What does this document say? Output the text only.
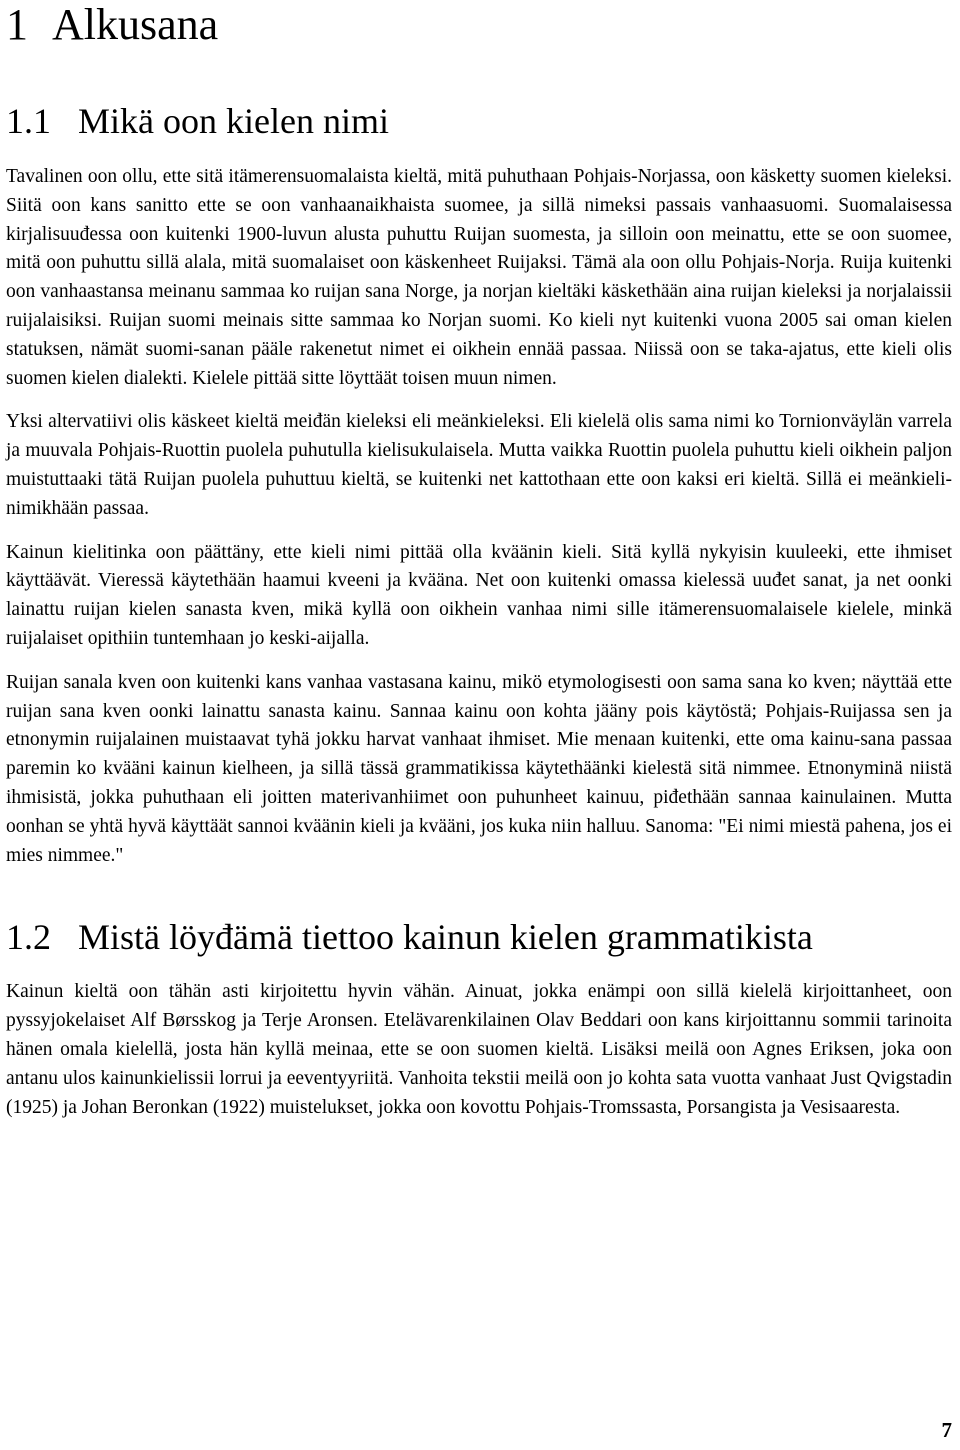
1 Alkusana
1.1 Mikä oon kielen nimi

Tavalinen oon ollu, ette sitä itämerensuomalaista kieltä, mitä puhuthaan Pohjais-Norjassa, oon käsketty suomen kieleksi. Siitä oon kans sanitto ette se oon vanhaanaikhaista suomee, ja sillä nimeksi passais vanhaasuomi. Suomalaisessa kirjalisuuđessa oon kuitenki 1900-luvun alusta puhuttu Ruijan suomesta, ja silloin oon meinattu, ette se oon suomee, mitä oon puhuttu sillä alala, mitä suomalaiset oon käskenheet Ruijaksi. Tämä ala oon ollu Pohjais-Norja. Ruija kuitenki oon vanhaastansa meinanu sammaa ko ruijan sana Norge, ja norjan kieltäki käskethään aina ruijan kieleksi ja norjalaissii ruijalaisiksi. Ruijan suomi meinais sitte sammaa ko Norjan suomi. Ko kieli nyt kuitenki vuona 2005 sai oman kielen statuksen, nämät suomi-sanan pääle rakenetut nimet ei oikhein ennää passaa. Niissä oon se taka-ajatus, ette kieli olis suomen kielen dialekti. Kielele pittää sitte löyttäät toisen muun nimen.

Yksi altervatiivi olis käskeet kieltä meiđän kieleksi eli meänkieleksi. Eli kielelä olis sama nimi ko Tornionväylän varrela ja muuvala Pohjais-Ruottin puolela puhutulla kielisukulaisela. Mutta vaikka Ruottin puolela puhuttu kieli oikhein paljon muistuttaaki tätä Ruijan puolela puhuttuu kieltä, se kuitenki net kattothaan ette oon kaksi eri kieltä. Sillä ei meänkieli-nimikhään passaa.

Kainun kielitinka oon päättäny, ette kieli nimi pittää olla kväänin kieli. Sitä kyllä nykyisin kuuleeki, ette ihmiset käyttäävät. Vieressä käytethään haamui kveeni ja kvääna. Net oon kuitenki omassa kielessä uuđet sanat, ja net oonki lainattu ruijan kielen sanasta kven, mikä kyllä oon oikhein vanhaa nimi sille itämerensuomalaisele kielele, minkä ruijalaiset opithiin tuntemhaan jo keski-aijalla.

Ruijan sanala kven oon kuitenki kans vanhaa vastasana kainu, mikö etymologisesti oon sama sana ko kven; näyttää ette ruijan sana kven oonki lainattu sanasta kainu. Sannaa kainu oon kohta jääny pois käytöstä; Pohjais-Ruijassa sen ja etnonymin ruijalainen muistaavat tyhä jokku harvat vanhaat ihmiset. Mie menaan kuitenki, ette oma kainu-sana passaa paremin ko kvääni kainun kielheen, ja sillä tässä grammatikissa käytethäänki kielestä sitä nimmee. Etnonyminä niistä ihmisistä, jokka puhuthaan eli joitten materivanhiimet oon puhunheet kainuu, piđethään sannaa kainulainen. Mutta oonhan se yhtä hyvä käyttäät sannoi kväänin kieli ja kvääni, jos kuka niin halluu. Sanoma: "Ei nimi miestä pahena, jos ei mies nimmee."

1.2 Mistä löyđämä tiettoo kainun kielen grammatikista

Kainun kieltä oon tähän asti kirjoitettu hyvin vähän. Ainuat, jokka enämpi oon sillä kielelä kirjoittanheet, oon pyssyjokelaiset Alf Børsskog ja Terje Aronsen. Etelävarenkilainen Olav Beddari oon kans kirjoittannu sommii tarinoita hänen omala kielellä, josta hän kyllä meinaa, ette se oon suomen kieltä. Lisäksi meilä oon Agnes Eriksen, joka oon antanu ulos kainunkielissii lorrui ja eeventyyriitä. Vanhoita tekstii meilä oon jo kohta sata vuotta vanhaat Just Qvigstadin (1925) ja Johan Beronkan (1922) muistelukset, jokka oon kovottu Pohjais-Tromssasta, Porsangista ja Vesisaaresta.

7
